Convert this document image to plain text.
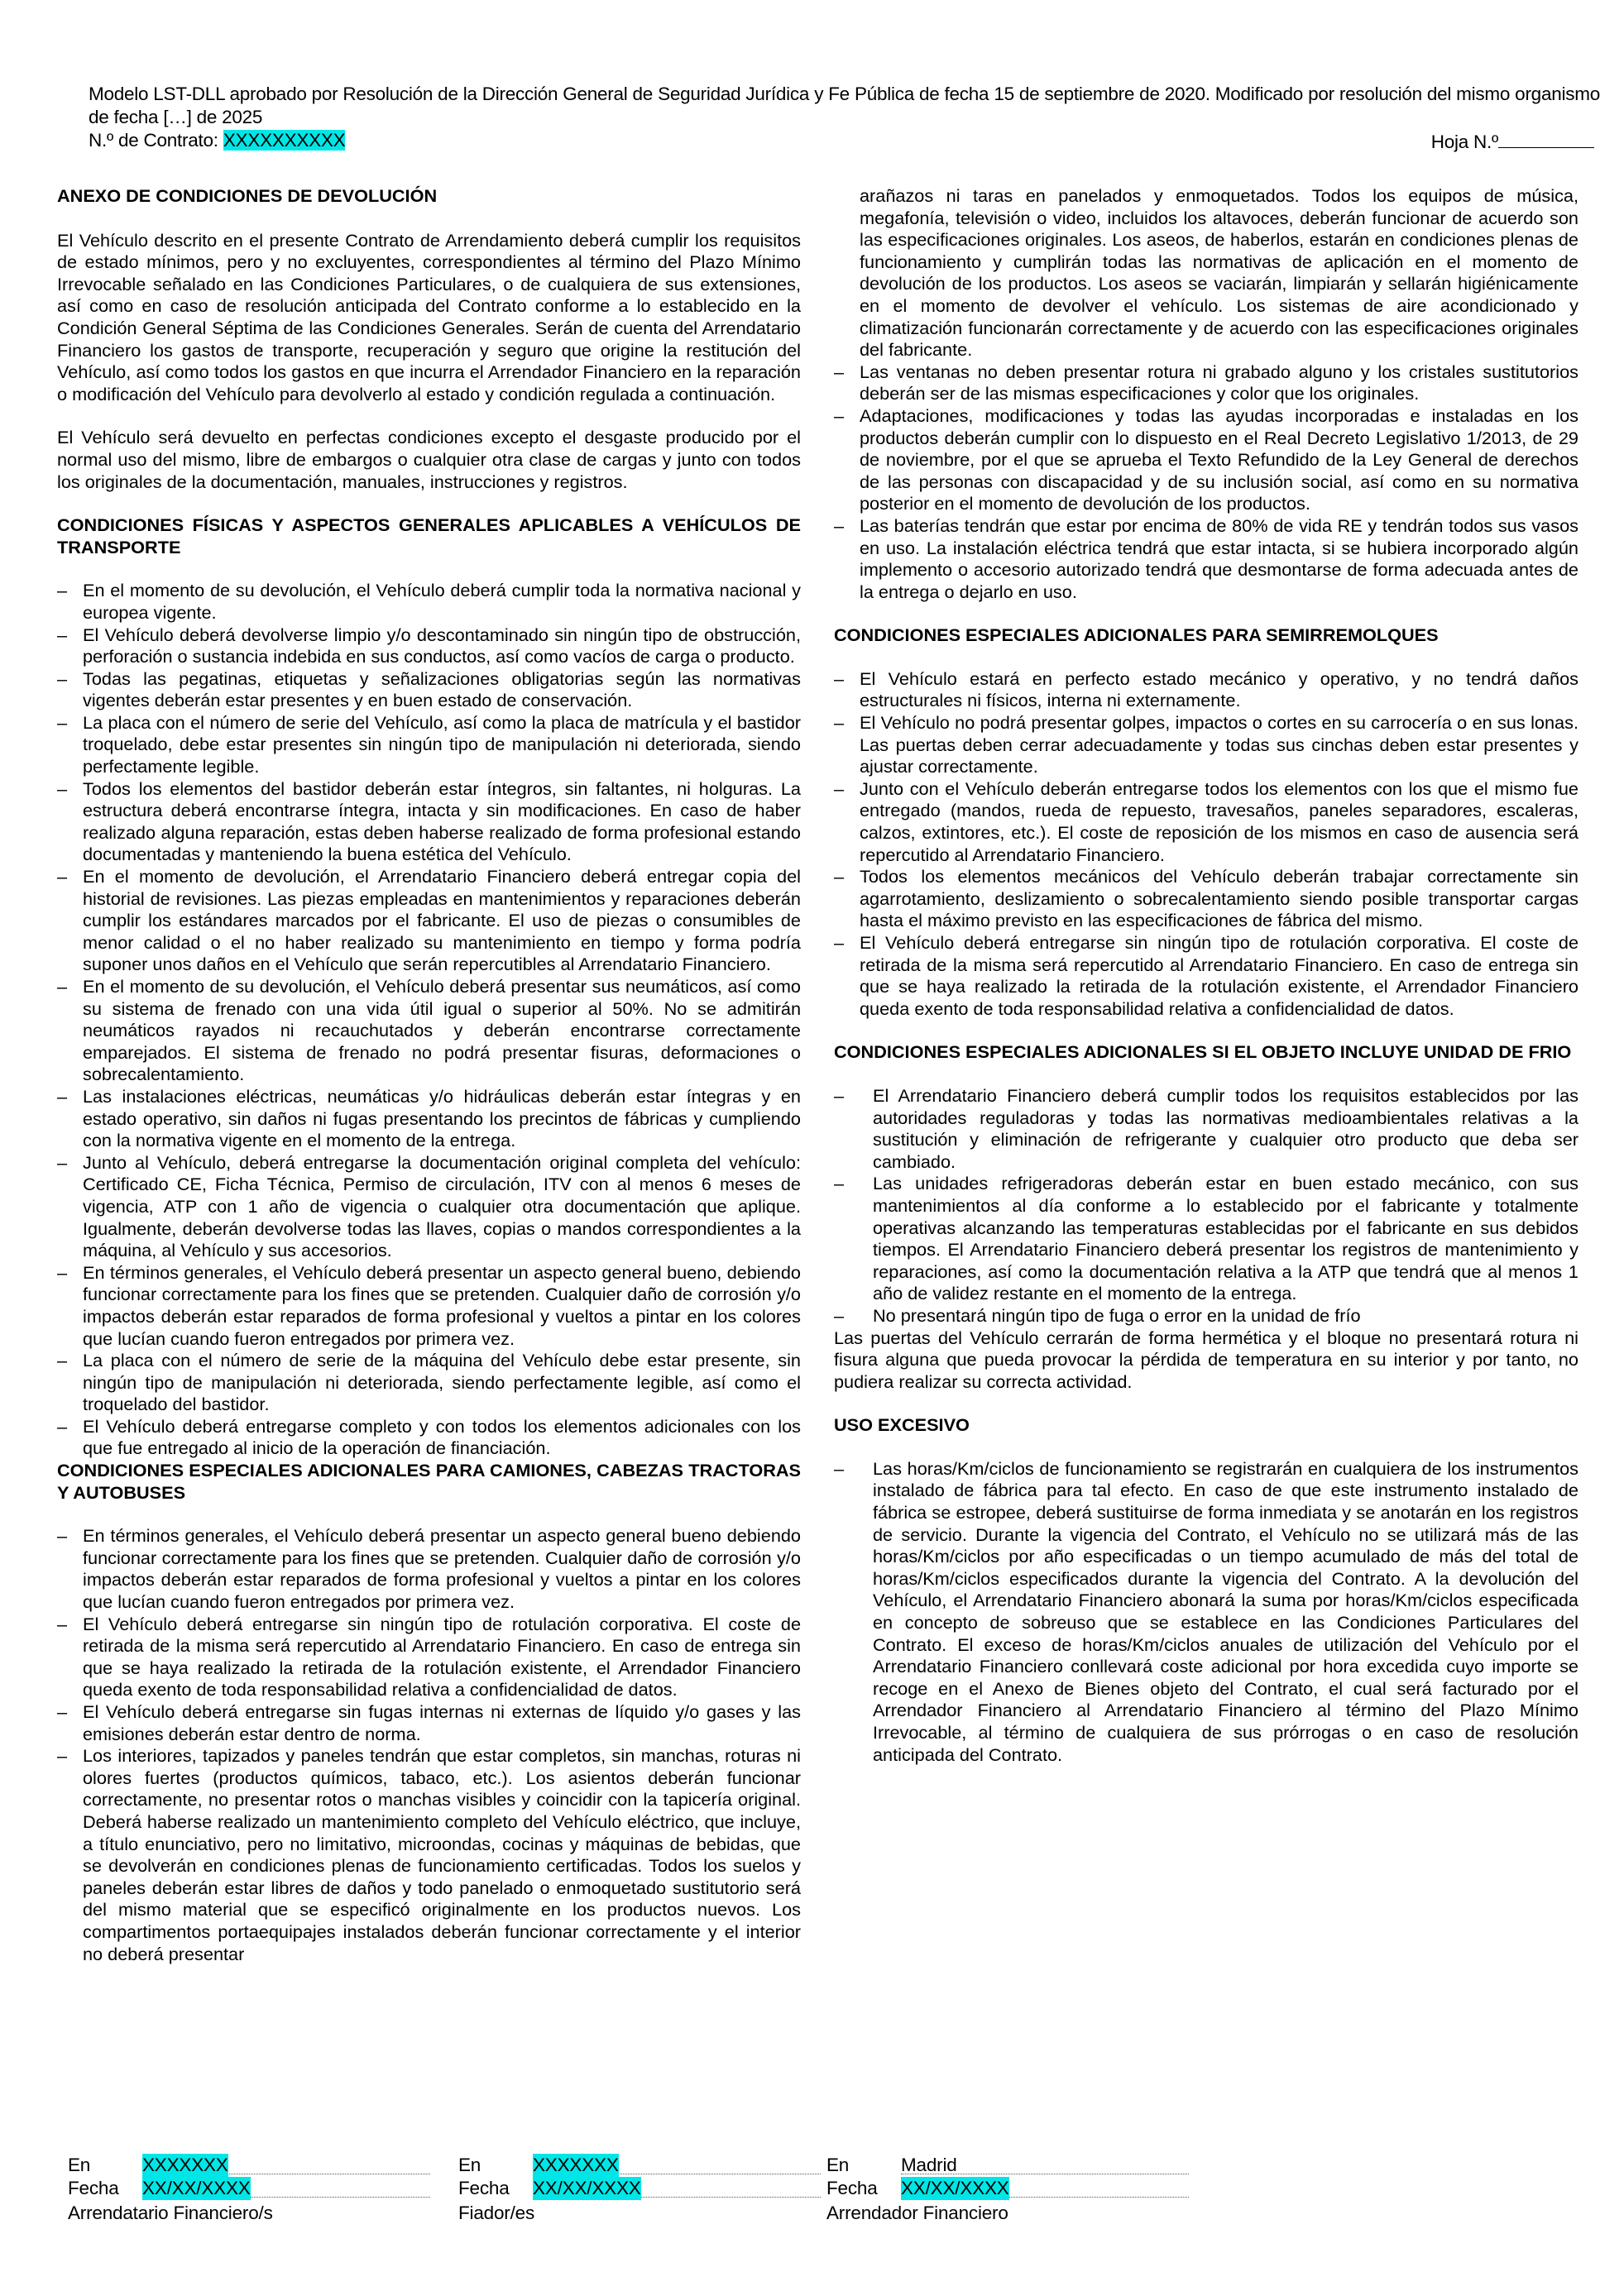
Modelo LST-DLL aprobado por Resolución de la Dirección General de Seguridad Jurídica y Fe Pública de fecha 15 de septiembre de 2020. Modificado por resolución del mismo organismo
de fecha […] de 2025
N.º de Contrato: XXXXXXXXXX	Hoja N.º
ANEXO DE CONDICIONES DE DEVOLUCIÓN

El Vehículo descrito en el presente Contrato de Arrendamiento deberá cumplir los requisitos de estado mínimos, pero y no excluyentes, correspondientes al término del Plazo Mínimo Irrevocable señalado en las Condiciones Particulares, o de cualquiera de sus extensiones, así como en caso de resolución anticipada del Contrato conforme a lo establecido en la Condición General Séptima de las Condiciones Generales. Serán de cuenta del Arrendatario Financiero los gastos de transporte, recuperación y seguro que origine la restitución del Vehículo, así como todos los gastos en que incurra el Arrendador Financiero en la reparación o modificación del Vehículo para devolverlo al estado y condición regulada a continuación.

El Vehículo será devuelto en perfectas condiciones excepto el desgaste producido por el normal uso del mismo, libre de embargos o cualquier otra clase de cargas y junto con todos los originales de la documentación, manuales, instrucciones y registros.

CONDICIONES FÍSICAS Y ASPECTOS GENERALES APLICABLES A VEHÍCULOS DE TRANSPORTE
– En el momento de su devolución, el Vehículo deberá cumplir toda la normativa nacional y europea vigente.
– El Vehículo deberá devolverse limpio y/o descontaminado sin ningún tipo de obstrucción, perforación o sustancia indebida en sus conductos, así como vacíos de carga o producto.
– Todas las pegatinas, etiquetas y señalizaciones obligatorias según las normativas vigentes deberán estar presentes y en buen estado de conservación.
– La placa con el número de serie del Vehículo, así como la placa de matrícula y el bastidor troquelado, debe estar presentes sin ningún tipo de manipulación ni deteriorada, siendo perfectamente legible.
– Todos los elementos del bastidor deberán estar íntegros, sin faltantes, ni holguras. La estructura deberá encontrarse íntegra, intacta y sin modificaciones. En caso de haber realizado alguna reparación, estas deben haberse realizado de forma profesional estando documentadas y manteniendo la buena estética del Vehículo.
– En el momento de devolución, el Arrendatario Financiero deberá entregar copia del historial de revisiones. Las piezas empleadas en mantenimientos y reparaciones deberán cumplir los estándares marcados por el fabricante. El uso de piezas o consumibles de menor calidad o el no haber realizado su mantenimiento en tiempo y forma podría suponer unos daños en el Vehículo que serán repercutibles al Arrendatario Financiero.
– En el momento de su devolución, el Vehículo deberá presentar sus neumáticos, así como su sistema de frenado con una vida útil igual o superior al 50%. No se admitirán neumáticos rayados ni recauchutados y deberán encontrarse correctamente emparejados. El sistema de frenado no podrá presentar fisuras, deformaciones o sobrecalentamiento.
– Las instalaciones eléctricas, neumáticas y/o hidráulicas deberán estar íntegras y en estado operativo, sin daños ni fugas presentando los precintos de fábricas y cumpliendo con la normativa vigente en el momento de la entrega.
– Junto al Vehículo, deberá entregarse la documentación original completa del vehículo: Certificado CE, Ficha Técnica, Permiso de circulación, ITV con al menos 6 meses de vigencia, ATP con 1 año de vigencia o cualquier otra documentación que aplique. Igualmente, deberán devolverse todas las llaves, copias o mandos correspondientes a la máquina, al Vehículo y sus accesorios.
– En términos generales, el Vehículo deberá presentar un aspecto general bueno, debiendo funcionar correctamente para los fines que se pretenden. Cualquier daño de corrosión y/o impactos deberán estar reparados de forma profesional y vueltos a pintar en los colores que lucían cuando fueron entregados por primera vez.
– La placa con el número de serie de la máquina del Vehículo debe estar presente, sin ningún tipo de manipulación ni deteriorada, siendo perfectamente legible, así como el troquelado del bastidor.
– El Vehículo deberá entregarse completo y con todos los elementos adicionales con los que fue entregado al inicio de la operación de financiación.
CONDICIONES ESPECIALES ADICIONALES PARA CAMIONES, CABEZAS TRACTORAS Y AUTOBUSES
– En términos generales, el Vehículo deberá presentar un aspecto general bueno debiendo funcionar correctamente para los fines que se pretenden. Cualquier daño de corrosión y/o impactos deberán estar reparados de forma profesional y vueltos a pintar en los colores que lucían cuando fueron entregados por primera vez.
– El Vehículo deberá entregarse sin ningún tipo de rotulación corporativa. El coste de retirada de la misma será repercutido al Arrendatario Financiero. En caso de entrega sin que se haya realizado la retirada de la rotulación existente, el Arrendador Financiero queda exento de toda responsabilidad relativa a confidencialidad de datos.
– El Vehículo deberá entregarse sin fugas internas ni externas de líquido y/o gases y las emisiones deberán estar dentro de norma.
– Los interiores, tapizados y paneles tendrán que estar completos, sin manchas, roturas ni olores fuertes (productos químicos, tabaco, etc.). Los asientos deberán funcionar correctamente, no presentar rotos o manchas visibles y coincidir con la tapicería original. Deberá haberse realizado un mantenimiento completo del Vehículo eléctrico, que incluye, a título enunciativo, pero no limitativo, microondas, cocinas y máquinas de bebidas, que se devolverán en condiciones plenas de funcionamiento certificadas. Todos los suelos y paneles deberán estar libres de daños y todo panelado o enmoquetado sustitutorio será del mismo material que se especificó originalmente en los productos nuevos. Los compartimentos portaequipajes instalados deberán funcionar correctamente y el interior no deberá presentar

arañazos ni taras en panelados y enmoquetados. Todos los equipos de música, megafonía, televisión o video, incluidos los altavoces, deberán funcionar de acuerdo son las especificaciones originales. Los aseos, de haberlos, estarán en condiciones plenas de funcionamiento y cumplirán todas las normativas de aplicación en el momento de devolución de los productos. Los aseos se vaciarán, limpiarán y sellarán higiénicamente en el momento de devolver el vehículo. Los sistemas de aire acondicionado y climatización funcionarán correctamente y de acuerdo con las especificaciones originales del fabricante.

– Las ventanas no deben presentar rotura ni grabado alguno y los cristales sustitutorios deberán ser de las mismas especificaciones y color que los originales.
– Adaptaciones, modificaciones y todas las ayudas incorporadas e instaladas en los productos deberán cumplir con lo dispuesto en el Real Decreto Legislativo 1/2013, de 29 de noviembre, por el que se aprueba el Texto Refundido de la Ley General de derechos de las personas con discapacidad y de su inclusión social, así como en su normativa posterior en el momento de devolución de los productos.
– Las baterías tendrán que estar por encima de 80% de vida RE y tendrán todos sus vasos en uso. La instalación eléctrica tendrá que estar intacta, si se hubiera incorporado algún implemento o accesorio autorizado tendrá que desmontarse de forma adecuada antes de la entrega o dejarlo en uso.
CONDICIONES ESPECIALES ADICIONALES PARA SEMIRREMOLQUES
– El Vehículo estará en perfecto estado mecánico y operativo, y no tendrá daños estructurales ni físicos, interna ni externamente.
– El Vehículo no podrá presentar golpes, impactos o cortes en su carrocería o en sus lonas. Las puertas deben cerrar adecuadamente y todas sus cinchas deben estar presentes y ajustar correctamente.
– Junto con el Vehículo deberán entregarse todos los elementos con los que el mismo fue entregado (mandos, rueda de repuesto, travesaños, paneles separadores, escaleras, calzos, extintores, etc.). El coste de reposición de los mismos en caso de ausencia será repercutido al Arrendatario Financiero.
– Todos los elementos mecánicos del Vehículo deberán trabajar correctamente sin agarrotamiento, deslizamiento o sobrecalentamiento siendo posible transportar cargas hasta el máximo previsto en las especificaciones de fábrica del mismo.
– El Vehículo deberá entregarse sin ningún tipo de rotulación corporativa. El coste de retirada de la misma será repercutido al Arrendatario Financiero. En caso de entrega sin que se haya realizado la retirada de la rotulación existente, el Arrendador Financiero queda exento de toda responsabilidad relativa a confidencialidad de datos.
CONDICIONES ESPECIALES ADICIONALES SI EL OBJETO INCLUYE UNIDAD DE FRIO
–	El Arrendatario Financiero deberá cumplir todos los requisitos establecidos por las autoridades reguladoras y todas las normativas medioambientales relativas a la sustitución y eliminación de refrigerante y cualquier otro producto que deba ser cambiado.
–	Las unidades refrigeradoras deberán estar en buen estado mecánico, con sus mantenimientos al día conforme a lo establecido por el fabricante y totalmente operativas alcanzando las temperaturas establecidas por el fabricante en sus debidos tiempos. El Arrendatario Financiero deberá presentar los registros de mantenimiento y reparaciones, así como la documentación relativa a la ATP que tendrá que al menos 1 año de validez restante en el momento de la entrega.
–	No presentará ningún tipo de fuga o error en la unidad de frío

Las puertas del Vehículo cerrarán de forma hermética y el bloque no presentará rotura ni fisura alguna que pueda provocar la pérdida de temperatura en su interior y por tanto, no pudiera realizar su correcta actividad.

USO EXCESIVO
–	Las horas/Km/ciclos de funcionamiento se registrarán en cualquiera de los instrumentos instalado de fábrica para tal efecto. En caso de que este instrumento instalado de fábrica se estropee, deberá sustituirse de forma inmediata y se anotarán en los registros de servicio. Durante la vigencia del Contrato, el Vehículo no se utilizará más de las horas/Km/ciclos por año especificadas o un tiempo acumulado de más del total de horas/Km/ciclos especificados durante la vigencia del Contrato. A la devolución del Vehículo, el Arrendatario Financiero abonará la suma por horas/Km/ciclos especificada en concepto de sobreuso que se establece en las Condiciones Particulares del Contrato. El exceso de horas/Km/ciclos anuales de utilización del Vehículo por el Arrendatario Financiero conllevará coste adicional por hora excedida cuyo importe se recoge en el Anexo de Bienes objeto del Contrato, el cual será facturado por el Arrendador Financiero al Arrendatario Financiero al término del Plazo Mínimo Irrevocable, al término de cualquiera de sus prórrogas o en caso de resolución anticipada del Contrato.
En	XXXXXXX
Fecha XX/XX/XXXX
Arrendatario Financiero/s
En	XXXXXXX
Fecha XX/XX/XXXX
Fiador/es
En	Madrid
Fecha XX/XX/XXXX
Arrendador Financiero
